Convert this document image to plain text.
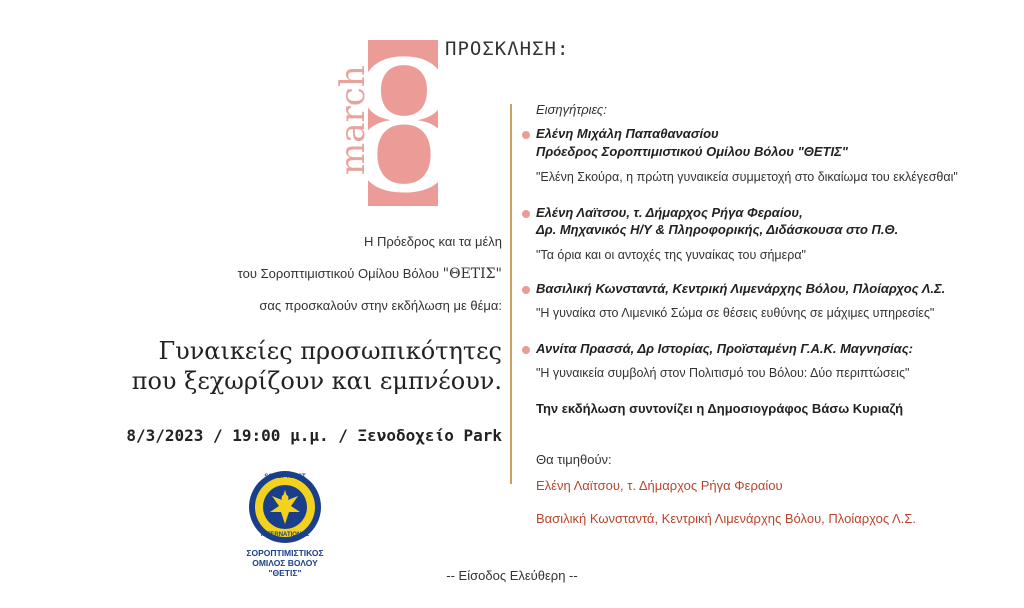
8
march
ΠΡΟΣΚΛΗΣΗ:
Η Πρόεδρος και τα μέλη
του Σοροπτιμιστικού Ομίλου Βόλου "ΘΕΤΙΣ"
σας προσκαλούν στην εκδήλωση με θέμα:
Γυναικείες προσωπικότητες
που ξεχωρίζουν και εμπνέουν.
8/3/2023 / 19:00 μ.μ. / Ξενοδοχείο Park
SOROPTIMIST
INTERNATIONAL
ΣΟΡΟΠΤΙΜΙΣΤΙΚΟΣ
ΟΜΙΛΟΣ ΒΟΛΟΥ
"ΘΕΤΙΣ"
Εισηγήτριες:
Ελένη Μιχάλη Παπαθανασίου
Πρόεδρος Σοροπτιμιστικού Ομίλου Βόλου "ΘΕΤΙΣ"
"Ελένη Σκούρα, η πρώτη γυναικεία συμμετοχή στο δικαίωμα του εκλέγεσθαι"
Ελένη Λαϊτσου, τ. Δήμαρχος Ρήγα Φεραίου,
Δρ. Μηχανικός Η/Υ & Πληροφορικής, Διδάσκουσα στο Π.Θ.
"Τα όρια και οι αντοχές της γυναίκας του σήμερα"
Βασιλική Κωνσταντά, Κεντρική Λιμενάρχης Βόλου, Πλοίαρχος Λ.Σ.
"Η γυναίκα στο Λιμενικό Σώμα σε θέσεις ευθύνης σε μάχιμες υπηρεσίες"
Αννίτα Πρασσά, Δρ Ιστορίας, Προϊσταμένη Γ.Α.Κ. Μαγνησίας:
"Η γυναικεία συμβολή στον Πολιτισμό του Βόλου: Δύο περιπτώσεις"
Την εκδήλωση συντονίζει η Δημοσιογράφος Βάσω Κυριαζή
Θα τιμηθούν:
Ελένη Λαϊτσου, τ. Δήμαρχος Ρήγα Φεραίου
Βασιλική Κωνσταντά, Κεντρική Λιμενάρχης Βόλου, Πλοίαρχος Λ.Σ.
-- Είσοδος Ελεύθερη --
